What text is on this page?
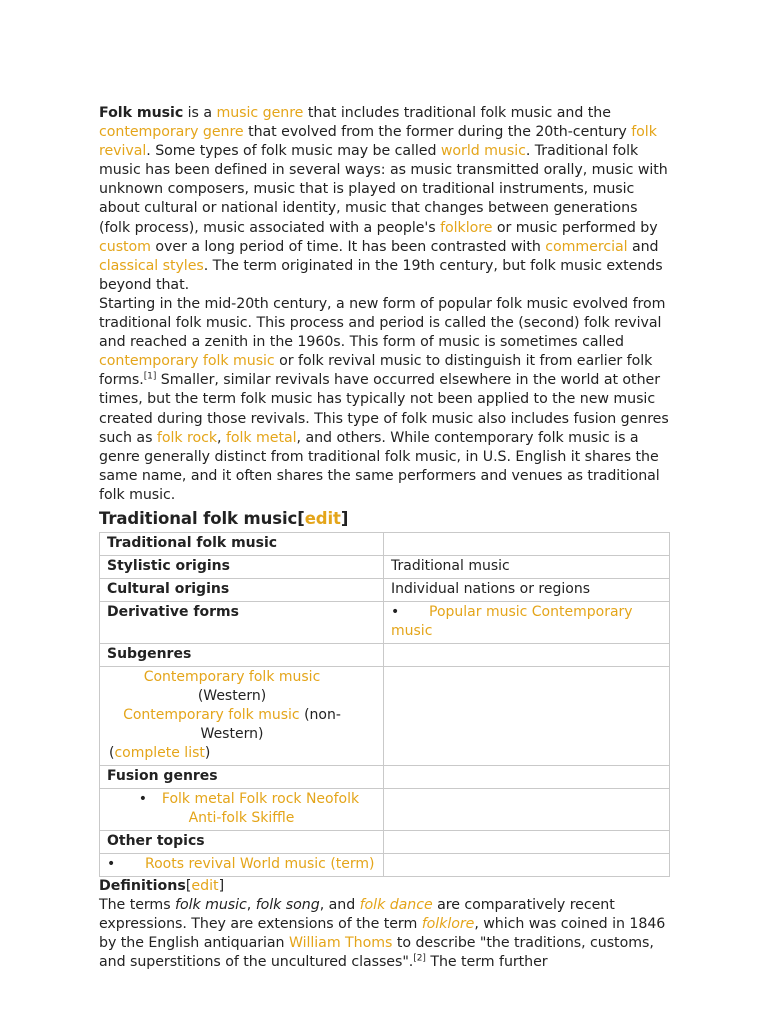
Folk music is a music genre that includes traditional folk music and the contemporary genre that evolved from the former during the 20th-century folk revival. Some types of folk music may be called world music. Traditional folk music has been defined in several ways: as music transmitted orally, music with unknown composers, music that is played on traditional instruments, music about cultural or national identity, music that changes between generations (folk process), music associated with a people's folklore or music performed by custom over a long period of time. It has been contrasted with commercial and classical styles. The term originated in the 19th century, but folk music extends beyond that.

Starting in the mid-20th century, a new form of popular folk music evolved from traditional folk music. This process and period is called the (second) folk revival and reached a zenith in the 1960s. This form of music is sometimes called contemporary folk music or folk revival music to distinguish it from earlier folk forms.[1] Smaller, similar revivals have occurred elsewhere in the world at other times, but the term folk music has typically not been applied to the new music created during those revivals. This type of folk music also includes fusion genres such as folk rock, folk metal, and others. While contemporary folk music is a genre generally distinct from traditional folk music, in U.S. English it shares the same name, and it often shares the same performers and venues as traditional folk music.

Traditional folk music[edit]
Traditional folk music	
Stylistic origins	Traditional music
Cultural origins	Individual nations or regions
Derivative forms	• Popular music Contemporary music
Subgenres	
Contemporary folk music (Western)
Contemporary folk music (non-Western)

(complete list)	

Fusion genres	
• Folk metal Folk rock Neofolk Anti-folk Skiffle	
Other topics	
• Roots revival World music (term)	
Definitions[edit]

The terms folk music, folk song, and folk dance are comparatively recent expressions. They are extensions of the term folklore, which was coined in 1846 by the English antiquarian William Thoms to describe "the traditions, customs, and superstitions of the uncultured classes".[2] The term further
